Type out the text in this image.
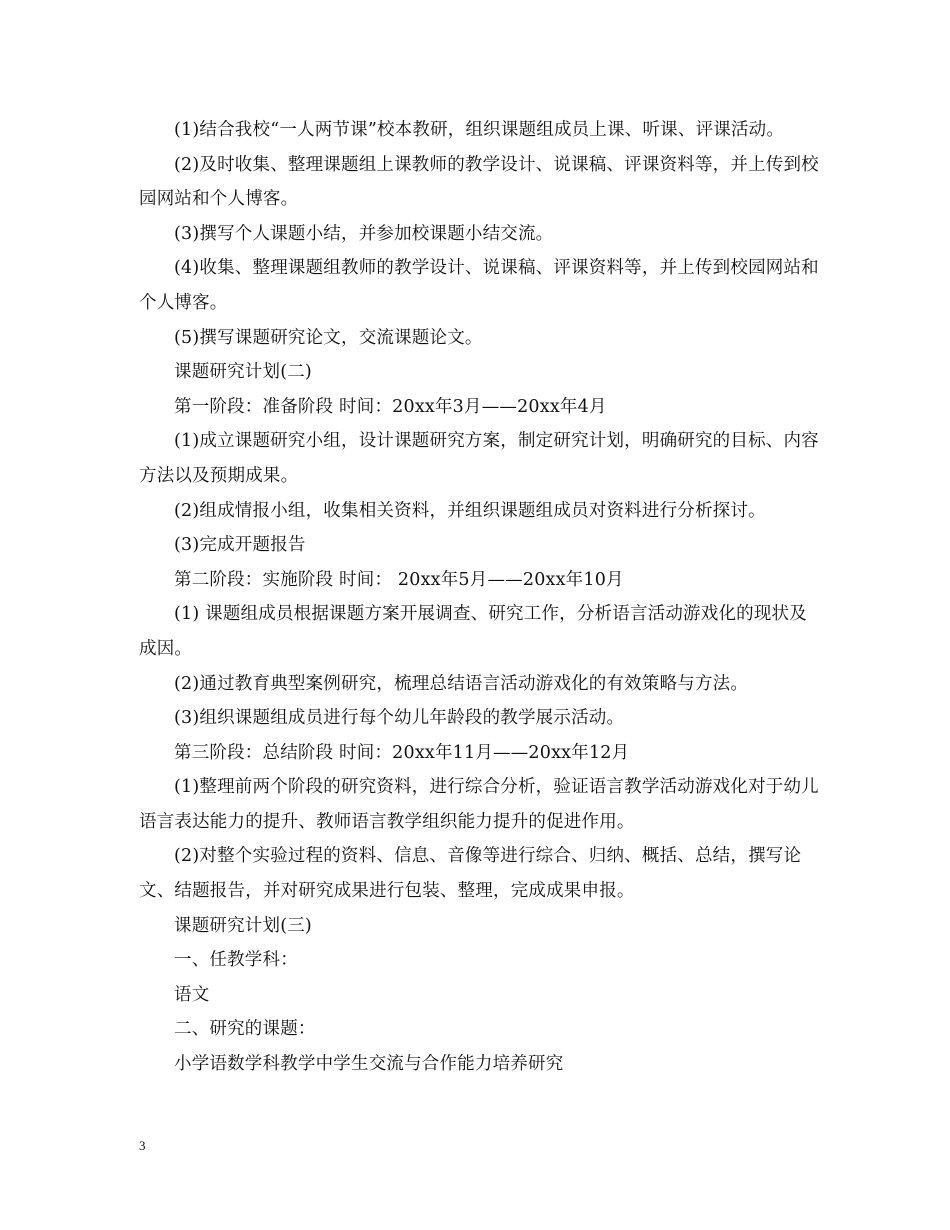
(1)结合我校“一人两节课”校本教研，组织课题组成员上课、听课、评课活动。

(2)及时收集、整理课题组上课教师的教学设计、说课稿、评课资料等，并上传到校园网站和个人博客。

(3)撰写个人课题小结，并参加校课题小结交流。

(4)收集、整理课题组教师的教学设计、说课稿、评课资料等，并上传到校园网站和个人博客。

(5)撰写课题研究论文，交流课题论文。

课题研究计划(二)

第一阶段：准备阶段 时间：20xx年3月——20xx年4月

(1)成立课题研究小组，设计课题研究方案，制定研究计划，明确研究的目标、内容方法以及预期成果。

(2)组成情报小组，收集相关资料，并组织课题组成员对资料进行分析探讨。

(3)完成开题报告

第二阶段：实施阶段 时间： 20xx年5月——20xx年10月

(1) 课题组成员根据课题方案开展调查、研究工作，分析语言活动游戏化的现状及成因。

(2)通过教育典型案例研究，梳理总结语言活动游戏化的有效策略与方法。

(3)组织课题组成员进行每个幼儿年龄段的教学展示活动。

第三阶段：总结阶段 时间：20xx年11月——20xx年12月

(1)整理前两个阶段的研究资料，进行综合分析，验证语言教学活动游戏化对于幼儿语言表达能力的提升、教师语言教学组织能力提升的促进作用。

(2)对整个实验过程的资料、信息、音像等进行综合、归纳、概括、总结，撰写论文、结题报告，并对研究成果进行包装、整理，完成成果申报。

课题研究计划(三)

一、任教学科：

语文

二、研究的课题：

小学语数学科教学中学生交流与合作能力培养研究

3
